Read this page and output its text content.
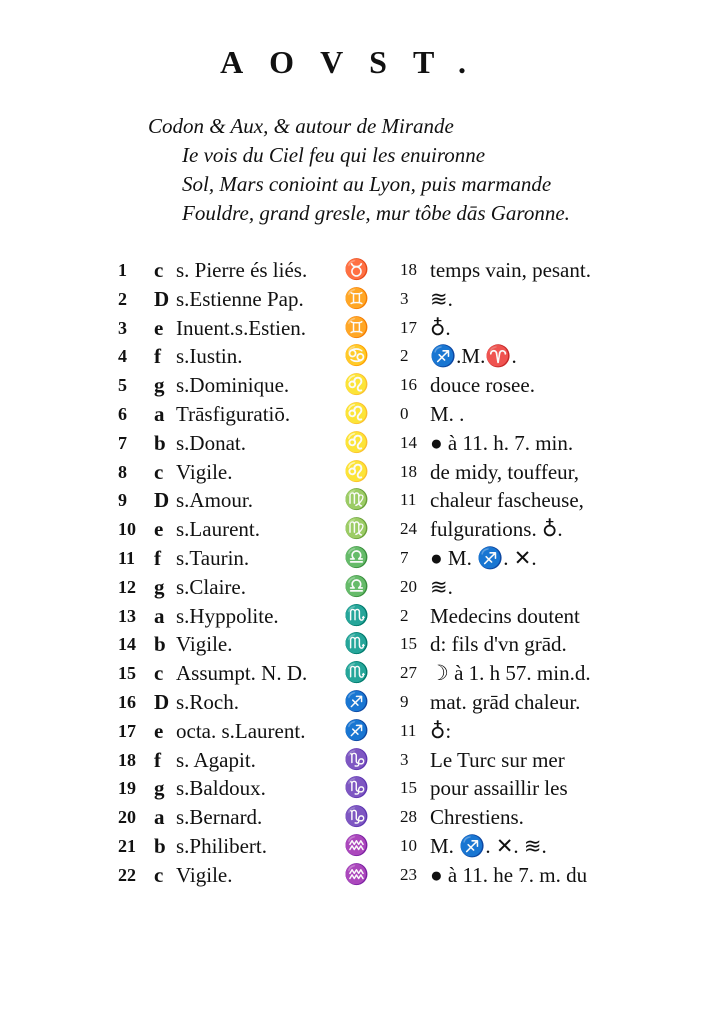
AOVST.
Codon & Aux, & autour de Mirande
Ie vois du Ciel feu qui les enuironne
Sol, Mars conioint au Lyon, puis marmande
Fouldre, grand gresle, mur tôbe dās Garonne.
1	c s. Pierre és liés.	♉	18 temps vain, pesant.
2	D s.Estienne Pap.	♊	3	≋.
3	e Inuent.s.Estien.	♊	17 ♁.
4	f s.Iustin.	♋	2	♐.M.♈.
5	g s.Dominique.	♌	16 douce rosee.
6	a Trāsfiguratiō.	♌	0	M. .
7	b s.Donat.	♌	14 ● à 11. h. 7. min.
8	c Vigile.	♌	18 de midy, touffeur,
9	D s.Amour.	♍	11 chaleur fascheuse,
10 e s.Laurent.	♍	24 fulgurations. ♁.
11 f s.Taurin.	♎	7	● M. ♐. ✕.
12 g s.Claire.	♎	20 ≋.
13 a s.Hyppolite.	♏	2	Medecins doutent
14 b Vigile.	♏	15 d: fils d'vn grād.
15 c Assumpt. N. D.	♏	27 ☽ à 1. h 57. min.d.
16 D s.Roch.	♐	9	mat. grād chaleur.
17 e octa. s.Laurent.	♐	11 ♁:
18 f s. Agapit.	♑	3	Le Turc sur mer
19 g s.Baldoux.	♑	15 pour assaillir les
20 a s.Bernard.	♑	28 Chrestiens.
21 b s.Philibert.	♒	10 M. ♐. ✕. ≋.
22 c Vigile.	♒	23 ● à 11. he 7. m. du
